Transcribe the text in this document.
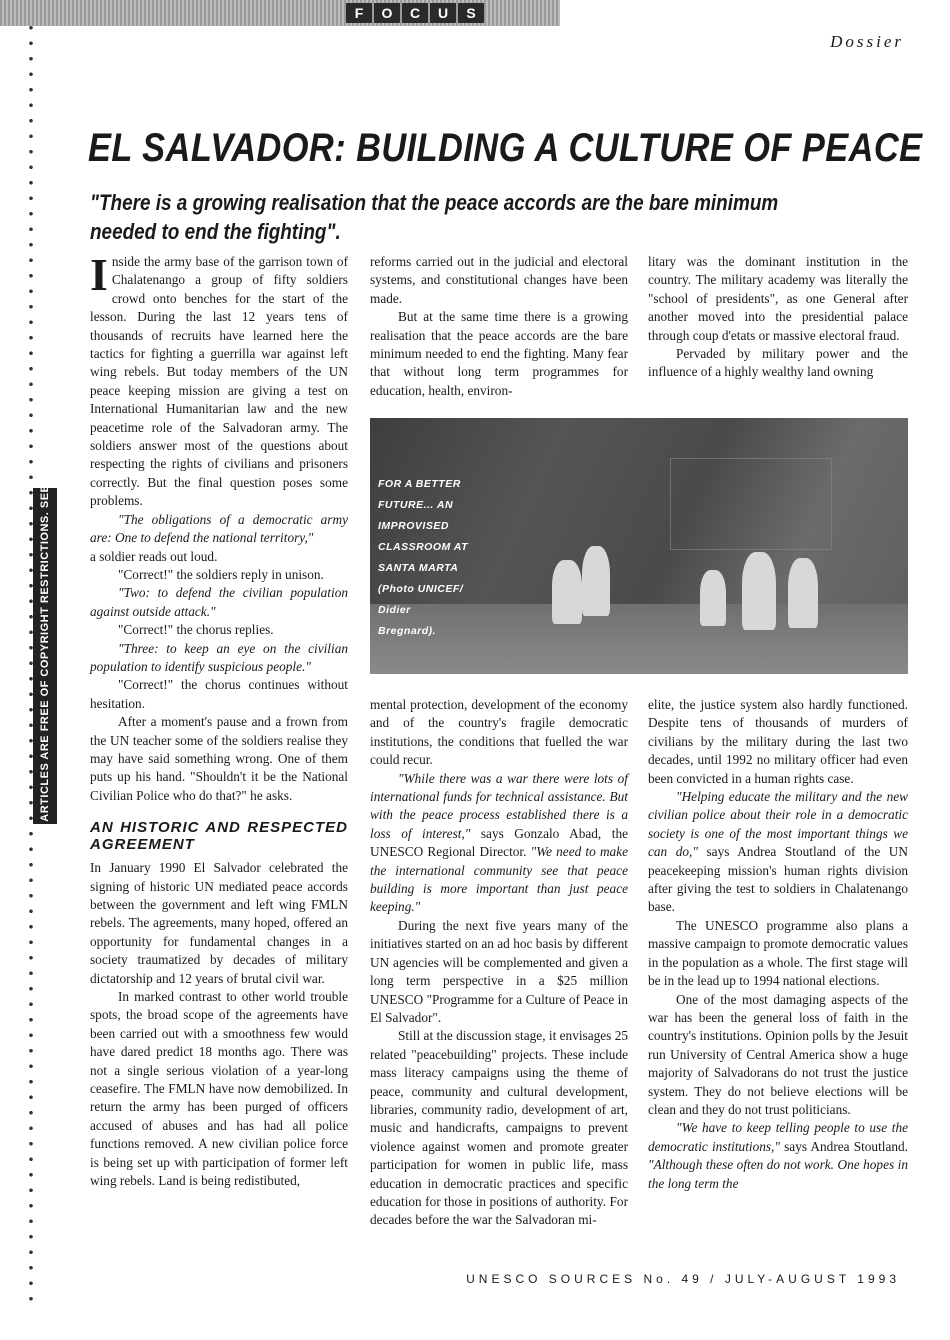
F	O	C	U	S
Dossier
ALL ARTICLES ARE FREE OF COPYRIGHT RESTRICTIONS. SEE P.3
EL SALVADOR: BUILDING A CULTURE OF PEACE

"There is a growing realisation that the peace accords are the bare minimum needed to end the fighting".

Inside the army base of the garrison town of Chalatenango a group of fifty soldiers crowd onto benches for the start of the lesson. During the last 12 years tens of thousands of recruits have learned here the tactics for fighting a guerrilla war against left wing rebels. But today members of the UN peace keeping mission are giving a test on International Humanitarian law and the new peacetime role of the Salvadoran army. The soldiers answer most of the questions about respecting the rights of civilians and prisoners correctly. But the final question poses some problems.

"The obligations of a democratic army are: One to defend the national territory,"

a soldier reads out loud.

"Correct!" the soldiers reply in unison.

"Two: to defend the civilian population against outside attack."

"Correct!" the chorus replies.

"Three: to keep an eye on the civilian population to identify suspicious people."

"Correct!" the chorus continues without hesitation.

After a moment's pause and a frown from the UN teacher some of the soldiers realise they may have said something wrong. One of them puts up his hand. "Shouldn't it be the National Civilian Police who do that?" he asks.

AN HISTORIC AND RESPECTED AGREEMENT

In January 1990 El Salvador celebrated the signing of historic UN mediated peace accords between the government and left wing FMLN rebels. The agreements, many hoped, offered an opportunity for fundamental changes in a society traumatized by decades of military dictatorship and 12 years of brutal civil war.

In marked contrast to other world trouble spots, the broad scope of the agreements have been carried out with a smoothness few would have dared predict 18 months ago. There was not a single serious violation of a year-long ceasefire. The FMLN have now demobilized. In return the army has been purged of officers accused of abuses and has had all police functions removed. A new civilian police force is being set up with participation of former left wing rebels. Land is being redistibuted,

reforms carried out in the judicial and electoral systems, and constitutional changes have been made.

But at the same time there is a growing realisation that the peace accords are the bare minimum needed to end the fighting. Many fear that without long term programmes for education, health, environ-

litary was the dominant institution in the country. The military academy was literally the "school of presidents", as one General after another moved into the presidential palace through coup d'etats or massive electoral fraud.

Pervaded by military power and the influence of a highly wealthy land owning

FOR A BETTER FUTURE... AN IMPROVISED CLASSROOM AT SANTA MARTA (Photo UNICEF/ Didier Bregnard).

mental protection, development of the economy and of the country's fragile democratic institutions, the conditions that fuelled the war could recur.

"While there was a war there were lots of international funds for technical assistance. But with the peace process established there is a loss of interest," says Gonzalo Abad, the UNESCO Regional Director. "We need to make the international community see that peace building is more important than just peace keeping."

During the next five years many of the initiatives started on an ad hoc basis by different UN agencies will be complemented and given a long term perspective in a $25 million UNESCO "Programme for a Culture of Peace in El Salvador".

Still at the discussion stage, it envisages 25 related "peacebuilding" projects. These include mass literacy campaigns using the theme of peace, community and cultural development, libraries, community radio, development of art, music and handicrafts, campaigns to prevent violence against women and promote greater participation for women in public life, mass education in democratic practices and specific education for those in positions of authority. For decades before the war the Salvadoran mi-

elite, the justice system also hardly functioned. Despite tens of thousands of murders of civilians by the military during the last two decades, until 1992 no military officer had even been convicted in a human rights case.

"Helping educate the military and the new civilian police about their role in a democratic society is one of the most important things we can do," says Andrea Stoutland of the UN peacekeeping mission's human rights division after giving the test to soldiers in Chalatenango base.

The UNESCO programme also plans a massive campaign to promote democratic values in the population as a whole. The first stage will be in the lead up to 1994 national elections.

One of the most damaging aspects of the war has been the general loss of faith in the country's institutions. Opinion polls by the Jesuit run University of Central America show a huge majority of Salvadorans do not trust the justice system. They do not believe elections will be clean and they do not trust politicians.

"We have to keep telling people to use the democratic institutions," says Andrea Stoutland. "Although these often do not work. One hopes in the long term the

UNESCO SOURCES No. 49 / JULY-AUGUST 1993
